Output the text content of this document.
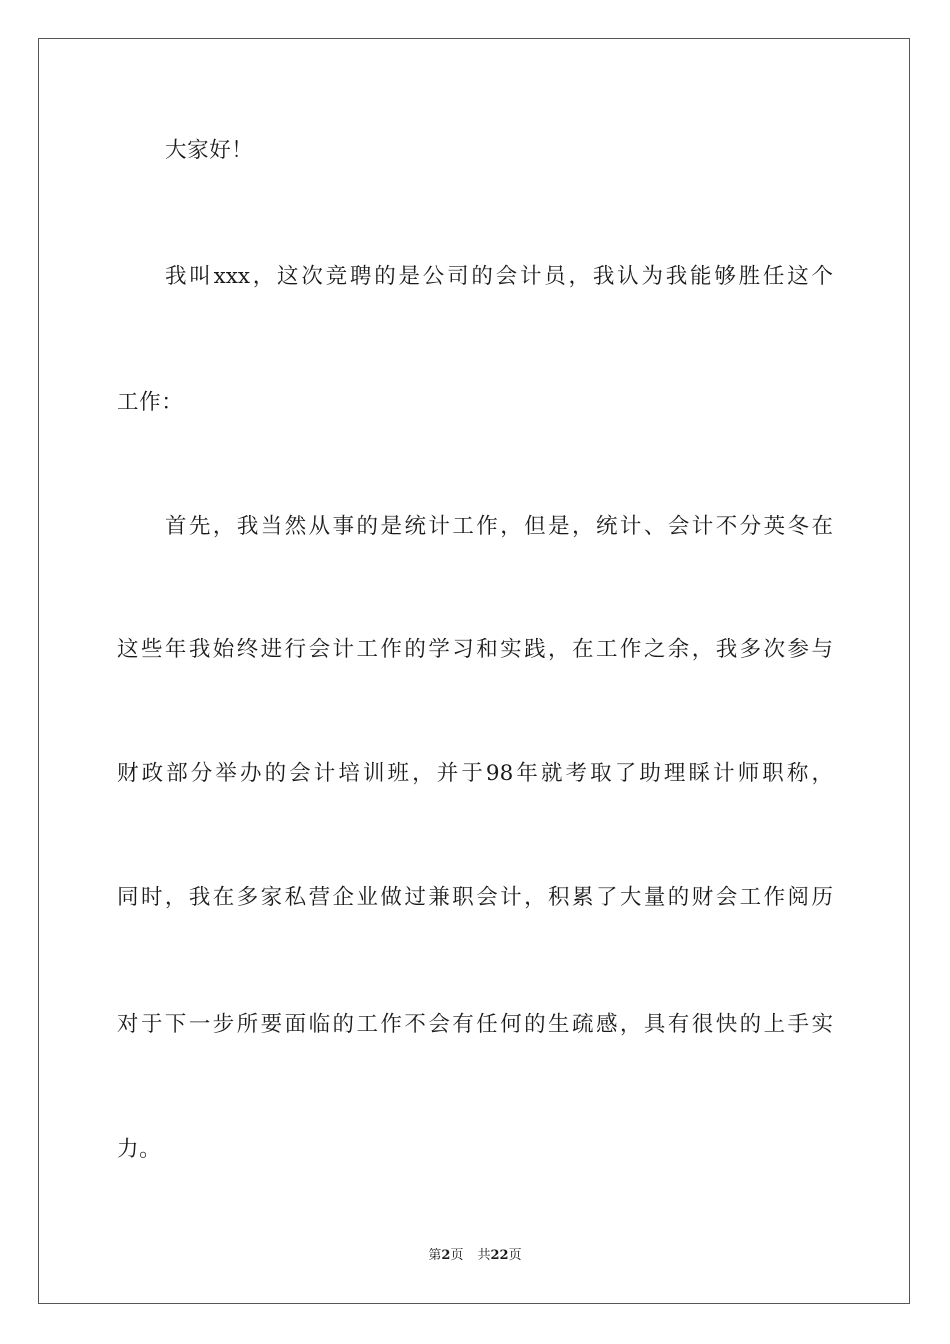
大家好！
我叫xxx，这次竞聘的是公司的会计员，我认为我能够胜任这个
工作：
首先，我当然从事的是统计工作，但是，统计、会计不分英冬在
这些年我始终进行会计工作的学习和实践，在工作之余，我多次参与
财政部分举办的会计培训班，并于98年就考取了助理睬计师职称，
同时，我在多家私营企业做过兼职会计，积累了大量的财会工作阅历
对于下一步所要面临的工作不会有任何的生疏感，具有很快的上手实
力。
第2页 共22页
